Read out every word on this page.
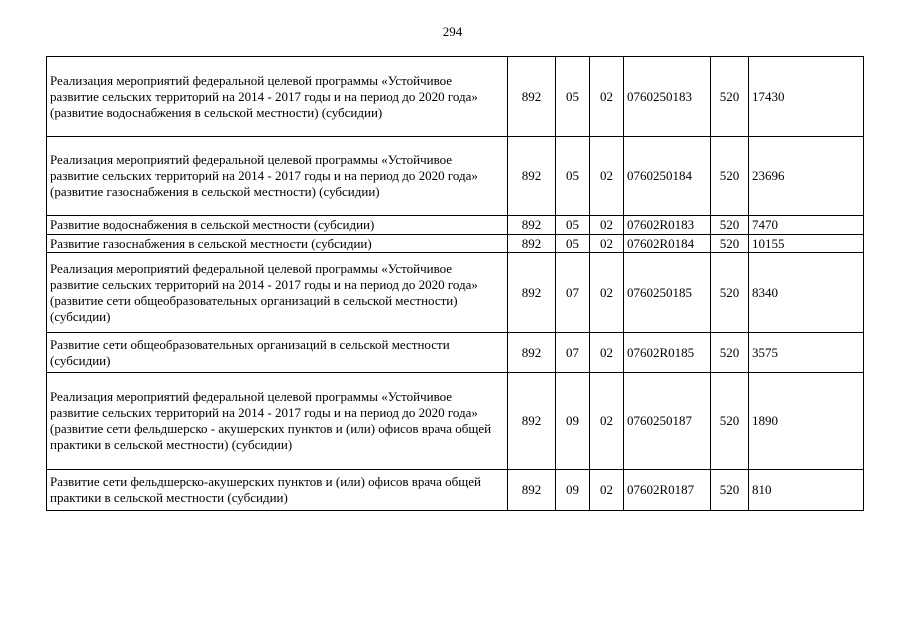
294
Реализация мероприятий федеральной целевой программы «Устойчивое развитие сельских территорий на 2014 - 2017 годы и на период до 2020 года» (развитие водоснабжения в сельской местности) (субсидии)	892	05	02	0760250183	520	17430
Реализация мероприятий федеральной целевой программы «Устойчивое развитие сельских территорий на 2014 - 2017 годы и на период до 2020 года» (развитие газоснабжения в сельской местности) (субсидии)	892	05	02	0760250184	520	23696
Развитие водоснабжения в сельской местности (субсидии)	892	05	02	07602R0183	520	7470
Развитие газоснабжения в сельской местности (субсидии)	892	05	02	07602R0184	520	10155
Реализация мероприятий федеральной целевой программы «Устойчивое развитие сельских территорий на 2014 - 2017 годы и на период до 2020 года» (развитие сети общеобразовательных организаций в сельской местности) (субсидии)	892	07	02	0760250185	520	8340
Развитие сети общеобразовательных организаций в сельской местности (субсидии)	892	07	02	07602R0185	520	3575
Реализация мероприятий федеральной целевой программы «Устойчивое развитие сельских территорий на 2014 - 2017 годы и на период до 2020 года» (развитие сети фельдшерско - акушерских пунктов и (или) офисов врача общей практики в сельской местности) (субсидии)	892	09	02	0760250187	520	1890
Развитие сети фельдшерско-акушерских пунктов и (или) офисов врача общей практики в сельской местности (субсидии)	892	09	02	07602R0187	520	810
